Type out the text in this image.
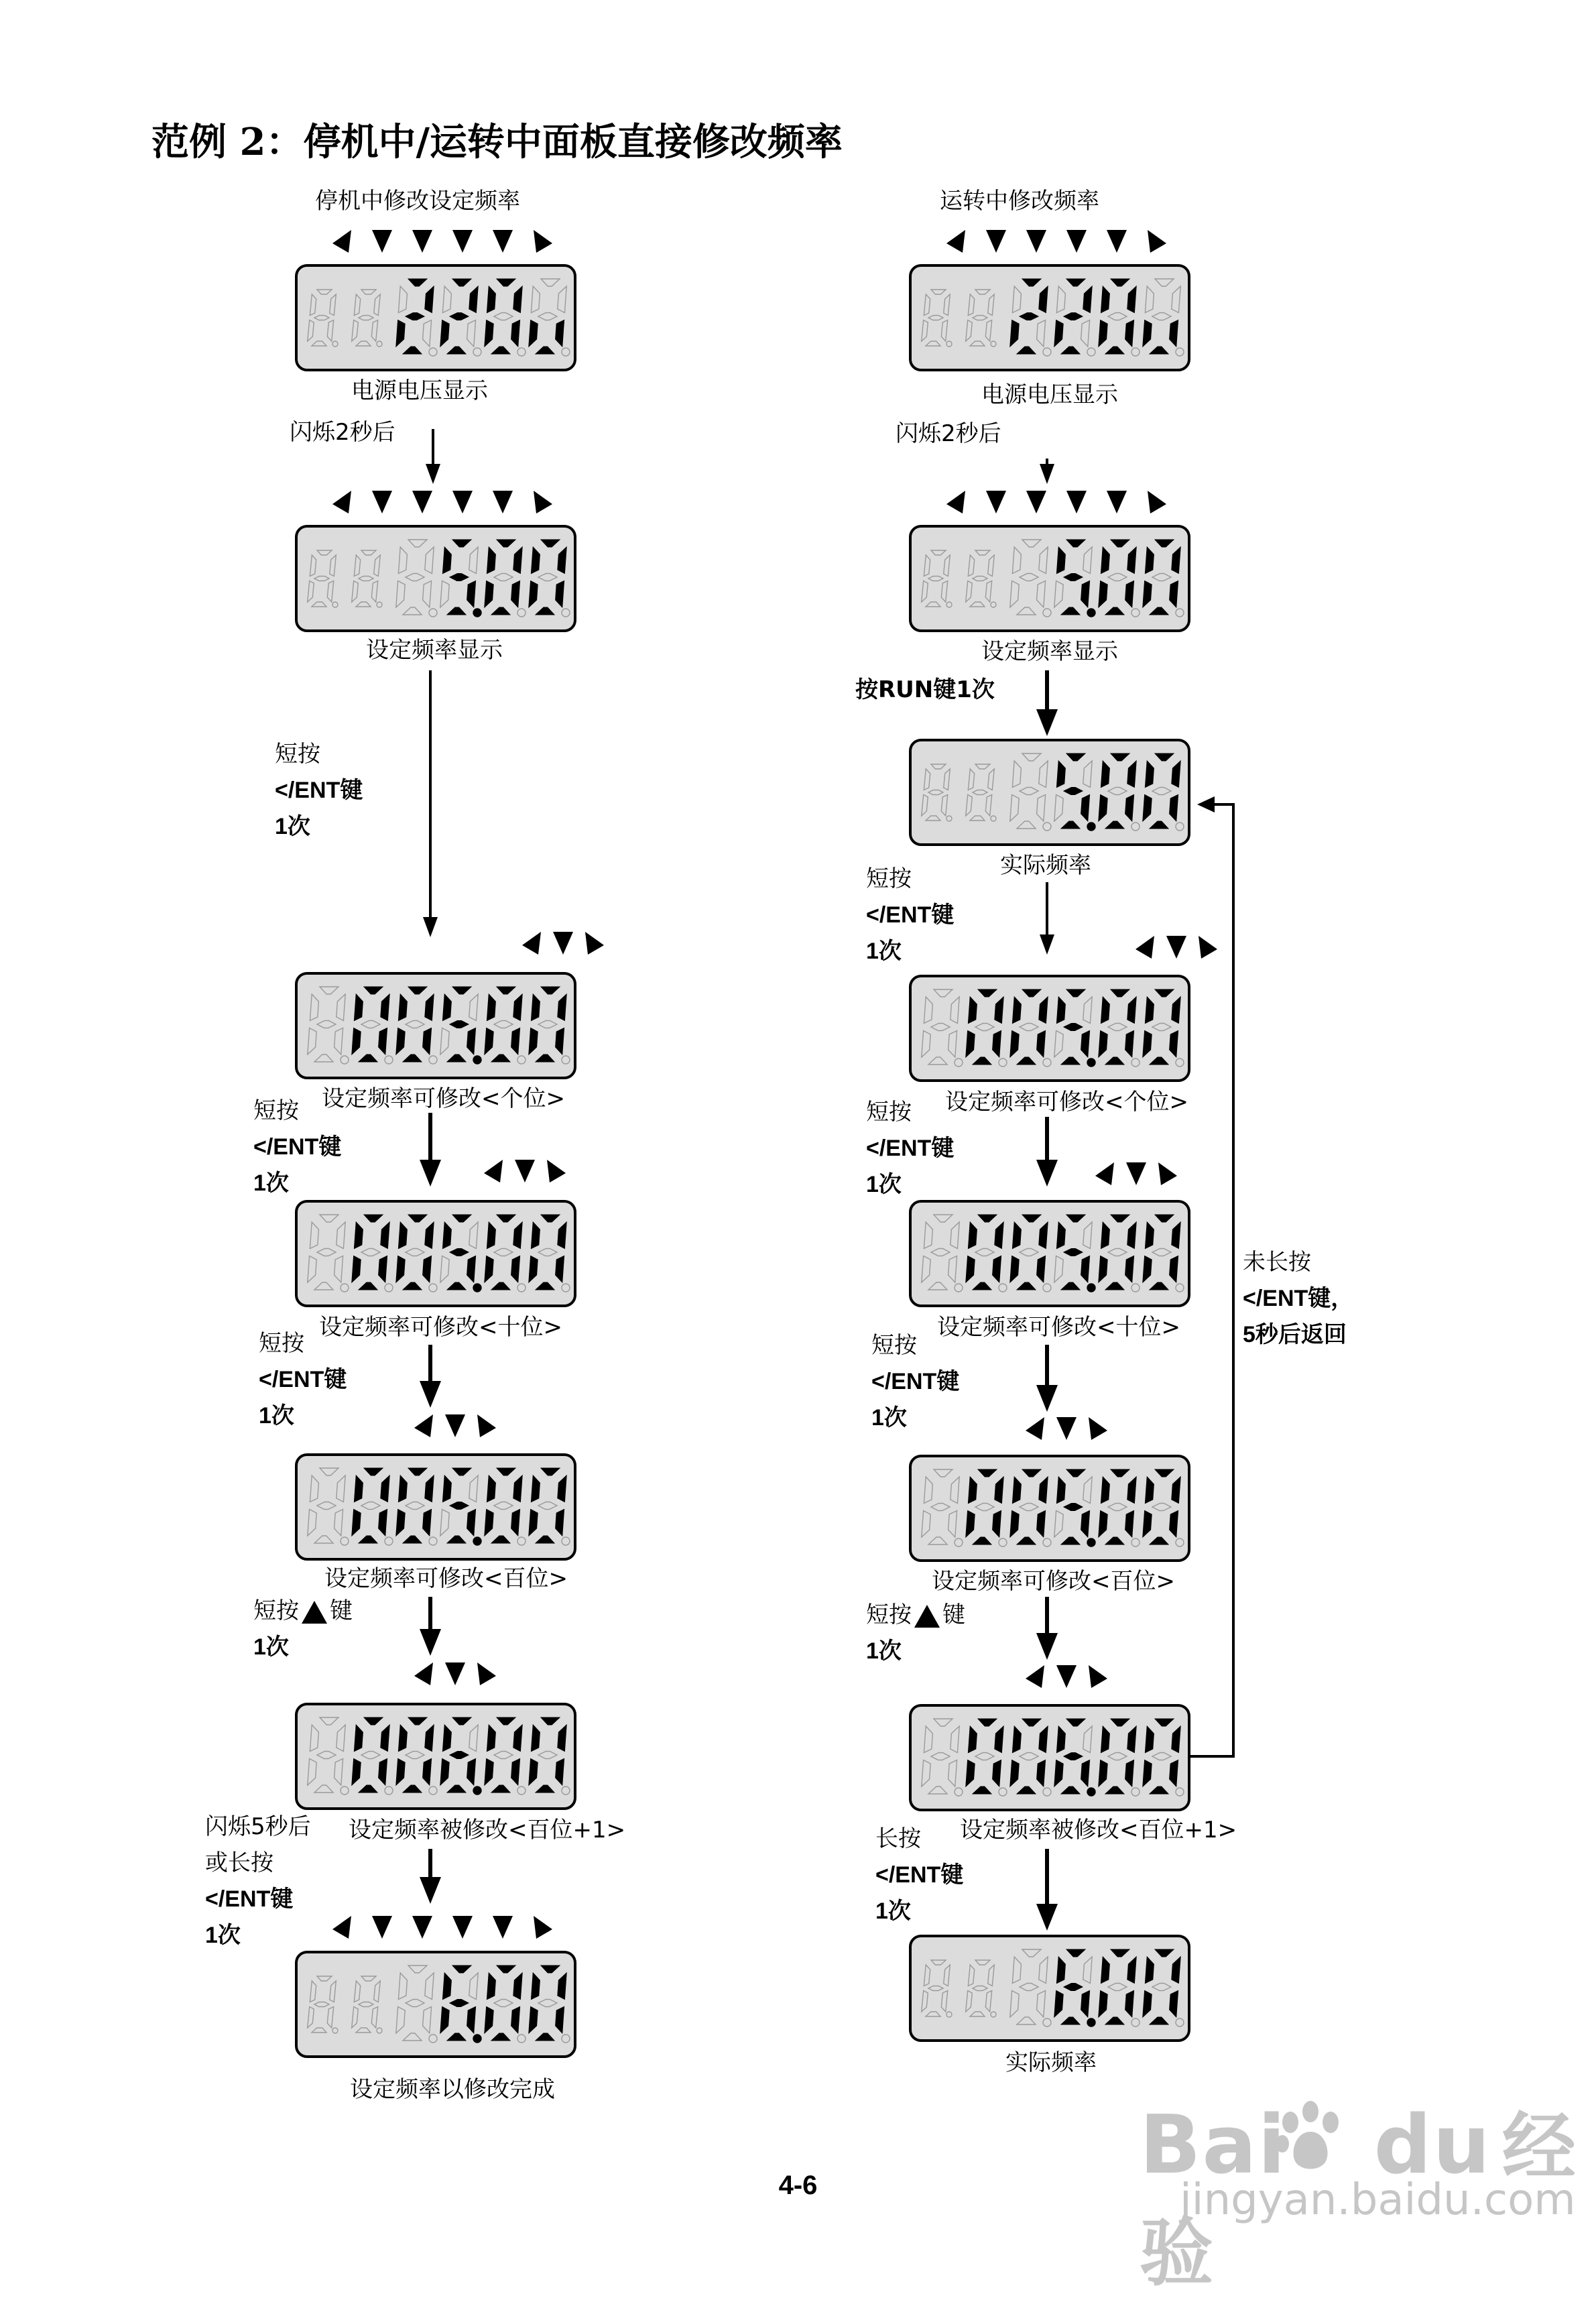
范例 2：停机中/运转中面板直接修改频率
停机中修改设定频率
电源电压显示
闪烁2秒后
设定频率显示
短按
</ENT键
1次
设定频率可修改<个位>
短按
</ENT键
1次
设定频率可修改<十位>
短按
</ENT键
1次
设定频率可修改<百位>
短按 键
1次
设定频率被修改<百位+1>
闪烁5秒后
或长按
</ENT键
1次
设定频率以修改完成
运转中修改频率
电源电压显示
闪烁2秒后
设定频率显示
按RUN键1次
实际频率
短按
</ENT键
1次
设定频率可修改<个位>
短按
</ENT键
1次
设定频率可修改<十位>
短按
</ENT键
1次
设定频率可修改<百位>
短按 键
1次
设定频率被修改<百位+1>
长按
</ENT键
1次
实际频率
未长按
</ENT键，
5秒后返回
4-6	Bai du 经验
jingyan.baidu.com
